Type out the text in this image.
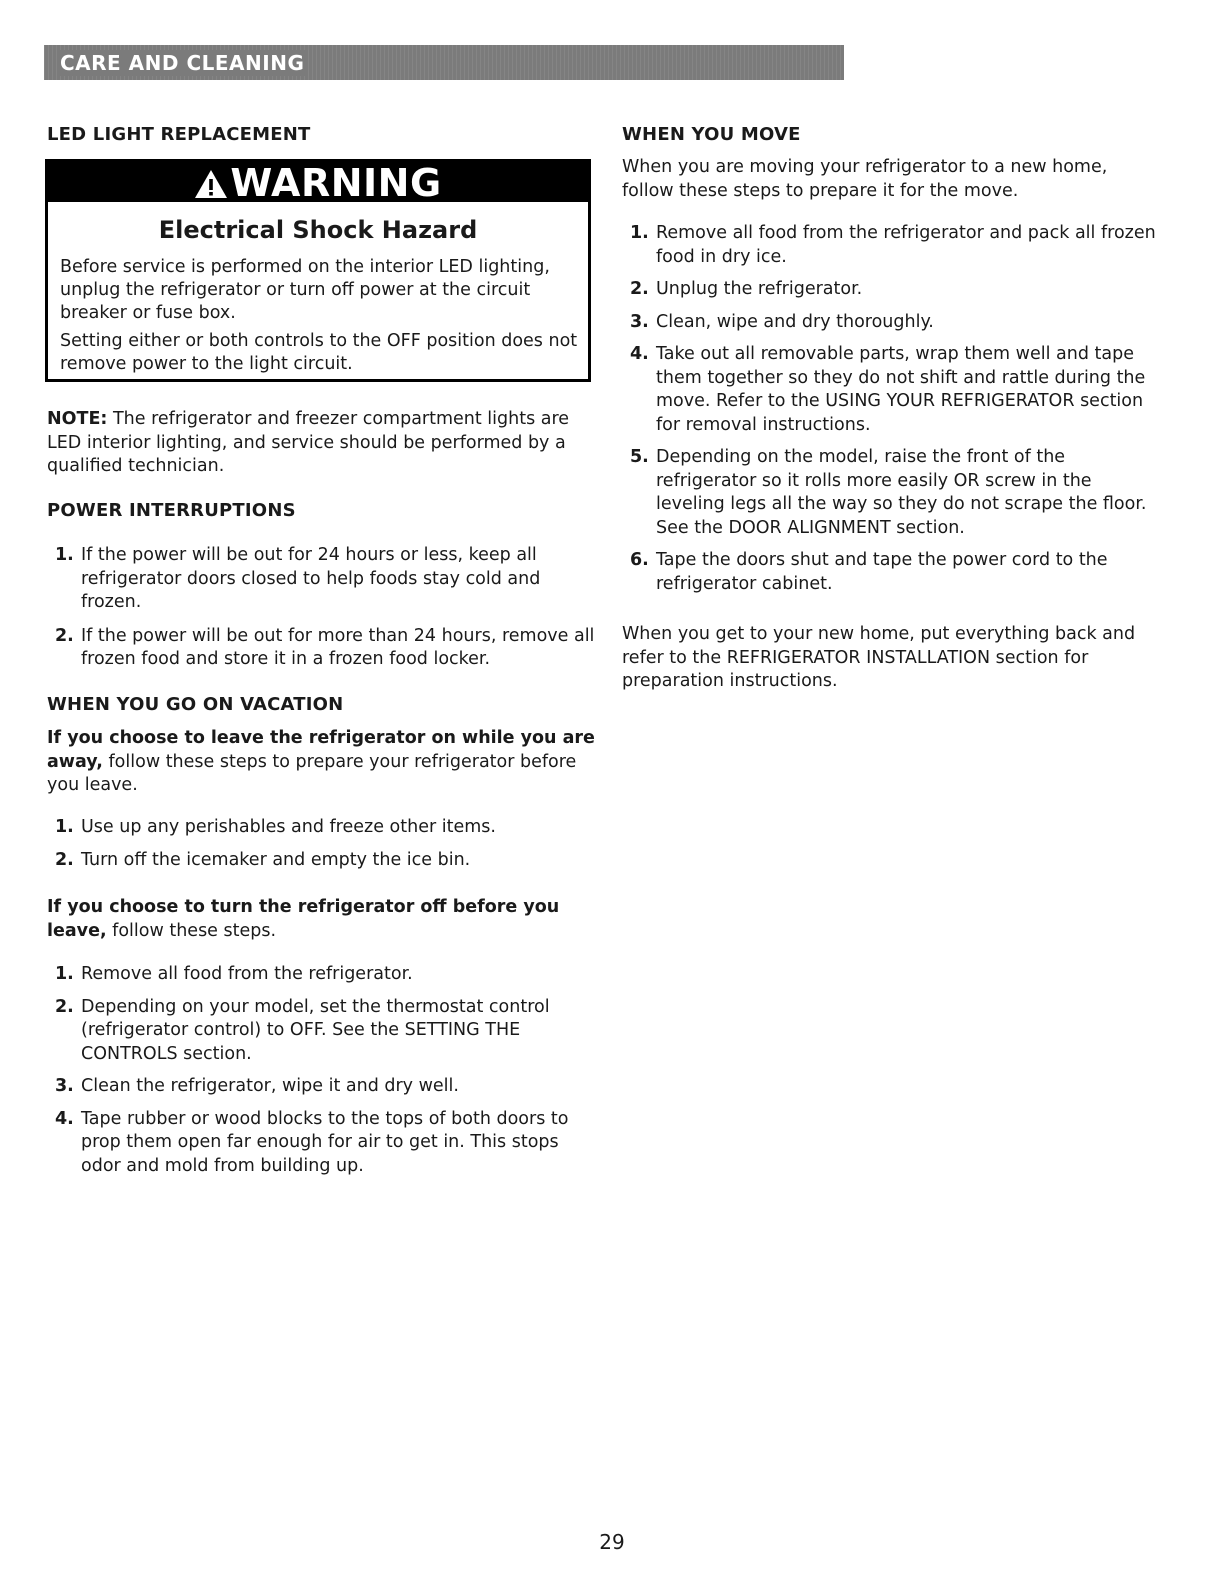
CARE AND CLEANING
LED LIGHT REPLACEMENT
WARNING
Electrical Shock Hazard

Before service is performed on the interior LED lighting, unplug the refrigerator or turn off power at the circuit breaker or fuse box.

Setting either or both controls to the OFF position does not remove power to the light circuit.

NOTE: The refrigerator and freezer compartment lights are LED interior lighting, and service should be performed by a qualified technician.

POWER INTERRUPTIONS
1. If the power will be out for 24 hours or less, keep all refrigerator doors closed to help foods stay cold and frozen.
2. If the power will be out for more than 24 hours, remove all frozen food and store it in a frozen food locker.
WHEN YOU GO ON VACATION

If you choose to leave the refrigerator on while you are away, follow these steps to prepare your refrigerator before you leave.

1. Use up any perishables and freeze other items.
2. Turn off the icemaker and empty the ice bin.

If you choose to turn the refrigerator off before you leave, follow these steps.

1. Remove all food from the refrigerator.
2. Depending on your model, set the thermostat control (refrigerator control) to OFF. See the SETTING THE CONTROLS section.
3. Clean the refrigerator, wipe it and dry well.
4. Tape rubber or wood blocks to the tops of both doors to prop them open far enough for air to get in. This stops odor and mold from building up.
WHEN YOU MOVE

When you are moving your refrigerator to a new home, follow these steps to prepare it for the move.

1. Remove all food from the refrigerator and pack all frozen food in dry ice.
2. Unplug the refrigerator.
3. Clean, wipe and dry thoroughly.
4. Take out all removable parts, wrap them well and tape them together so they do not shift and rattle during the move. Refer to the USING YOUR REFRIGERATOR section for removal instructions.
5. Depending on the model, raise the front of the refrigerator so it rolls more easily OR screw in the leveling legs all the way so they do not scrape the floor. See the DOOR ALIGNMENT section.
6. Tape the doors shut and tape the power cord to the refrigerator cabinet.

When you get to your new home, put everything back and refer to the REFRIGERATOR INSTALLATION section for preparation instructions.

29
